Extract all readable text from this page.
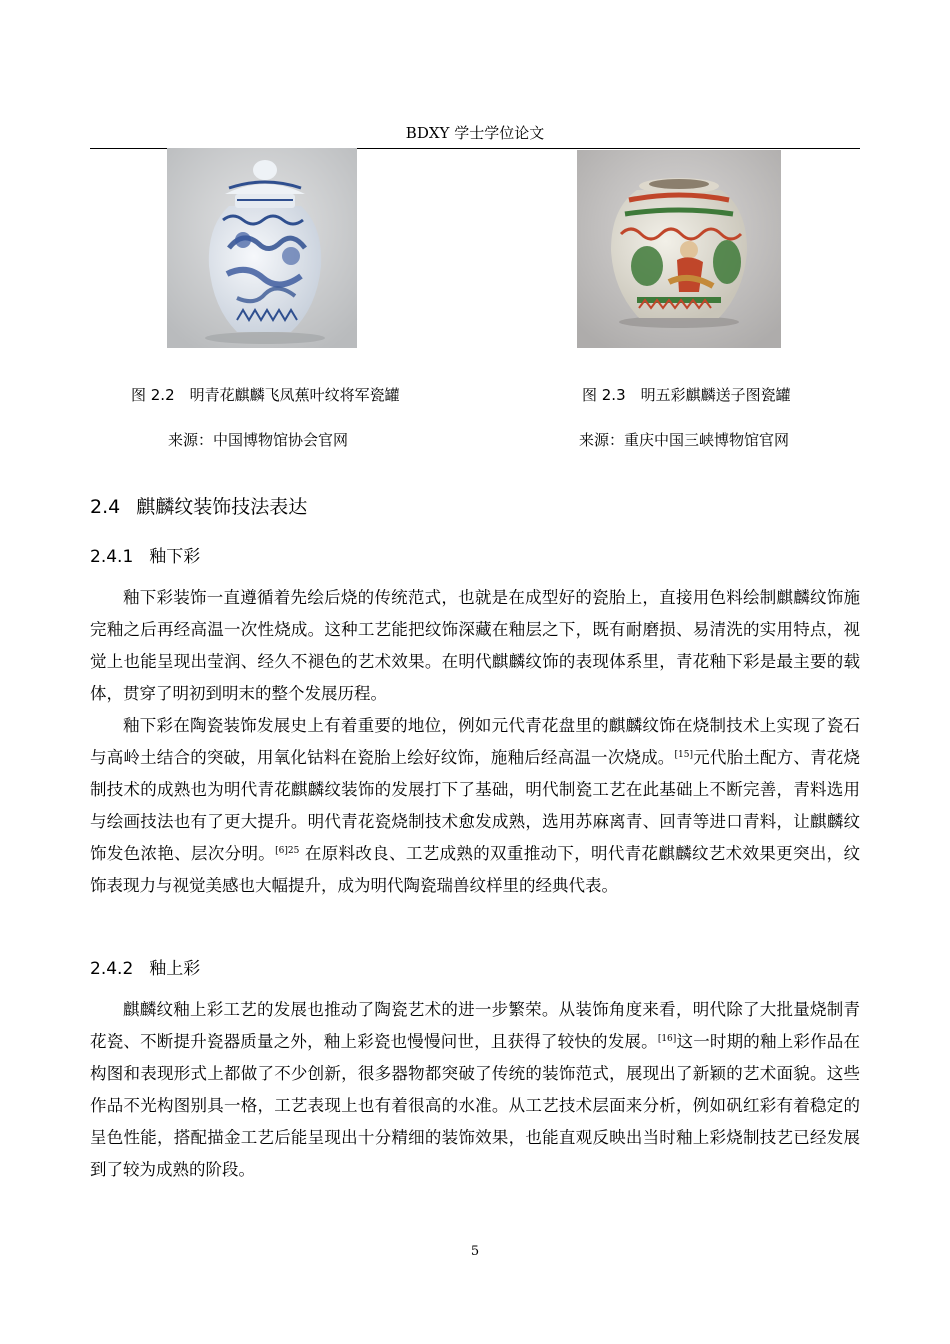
BDXY 学士学位论文
图 2.2　明青花麒麟飞凤蕉叶纹将军瓷罐
来源：中国博物馆协会官网
图 2.3　明五彩麒麟送子图瓷罐
来源：重庆中国三峡博物馆官网
2.4 麒麟纹装饰技法表达
2.4.1 釉下彩

釉下彩装饰一直遵循着先绘后烧的传统范式，也就是在成型好的瓷胎上，直接用色料绘制麒麟纹饰施完釉之后再经高温一次性烧成。这种工艺能把纹饰深藏在釉层之下，既有耐磨损、易清洗的实用特点，视觉上也能呈现出莹润、经久不褪色的艺术效果。在明代麒麟纹饰的表现体系里，青花釉下彩是最主要的载体，贯穿了明初到明末的整个发展历程。

釉下彩在陶瓷装饰发展史上有着重要的地位，例如元代青花盘里的麒麟纹饰在烧制技术上实现了瓷石与高岭土结合的突破，用氧化钴料在瓷胎上绘好纹饰，施釉后经高温一次烧成。[15]元代胎土配方、青花烧制技术的成熟也为明代青花麒麟纹装饰的发展打下了基础，明代制瓷工艺在此基础上不断完善，青料选用与绘画技法也有了更大提升。明代青花瓷烧制技术愈发成熟，选用苏麻离青、回青等进口青料，让麒麟纹饰发色浓艳、层次分明。$^{[6]25}$ 在原料改良、工艺成熟的双重推动下，明代青花麒麟纹艺术效果更突出，纹饰表现力与视觉美感也大幅提升，成为明代陶瓷瑞兽纹样里的经典代表。

2.4.2 釉上彩

麒麟纹釉上彩工艺的发展也推动了陶瓷艺术的进一步繁荣。从装饰角度来看，明代除了大批量烧制青花瓷、不断提升瓷器质量之外，釉上彩瓷也慢慢问世，且获得了较快的发展。[16]这一时期的釉上彩作品在构图和表现形式上都做了不少创新，很多器物都突破了传统的装饰范式，展现出了新颖的艺术面貌。这些作品不光构图别具一格，工艺表现上也有着很高的水准。从工艺技术层面来分析，例如矾红彩有着稳定的呈色性能，搭配描金工艺后能呈现出十分精细的装饰效果，也能直观反映出当时釉上彩烧制技艺已经发展到了较为成熟的阶段。

5
